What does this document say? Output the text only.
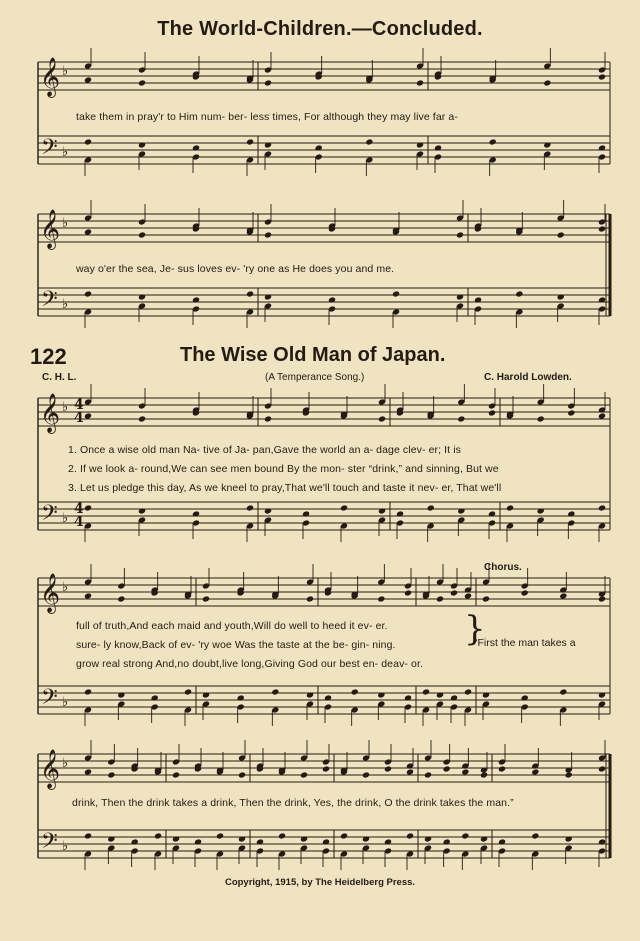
𝄞
𝄢
♭
♭
𝄞
𝄢
♭
♭
𝄞
𝄢
♭
♭
𝄞
𝄢
♭
♭
𝄞
𝄢
♭
♭
4
4
4
4
The World-Children.—Concluded.
take them in pray'r to Him num- ber- less times, For although they may live far a-
way o'er the sea, Je- sus loves ev- 'ry one as He does you and me.
122	The Wise Old Man of Japan.
C. H. L.	(A Temperance Song.)	C. Harold Lowden.
1. Once a wise old man Na- tive of Ja- pan,Gave the world an a- dage clev- er; It is
2. If we look a- round,We can see men bound By the mon- ster “drink,” and sinning, But we
3. Let us pledge this day, As we kneel to pray,That we'll touch and taste it nev- er, That we'll
Chorus.
full of truth,And each maid and youth,Will do well to heed it ev- er.
sure- ly know,Back of ev- 'ry woe Was the taste at the be- gin- ning.
grow real strong And,no doubt,live long,Giving God our best en- deav- or.
}
“First the man takes a
drink, Then the drink takes a drink, Then the drink, Yes, the drink, O the drink takes the man.”
Copyright, 1915, by The Heidelberg Press.
